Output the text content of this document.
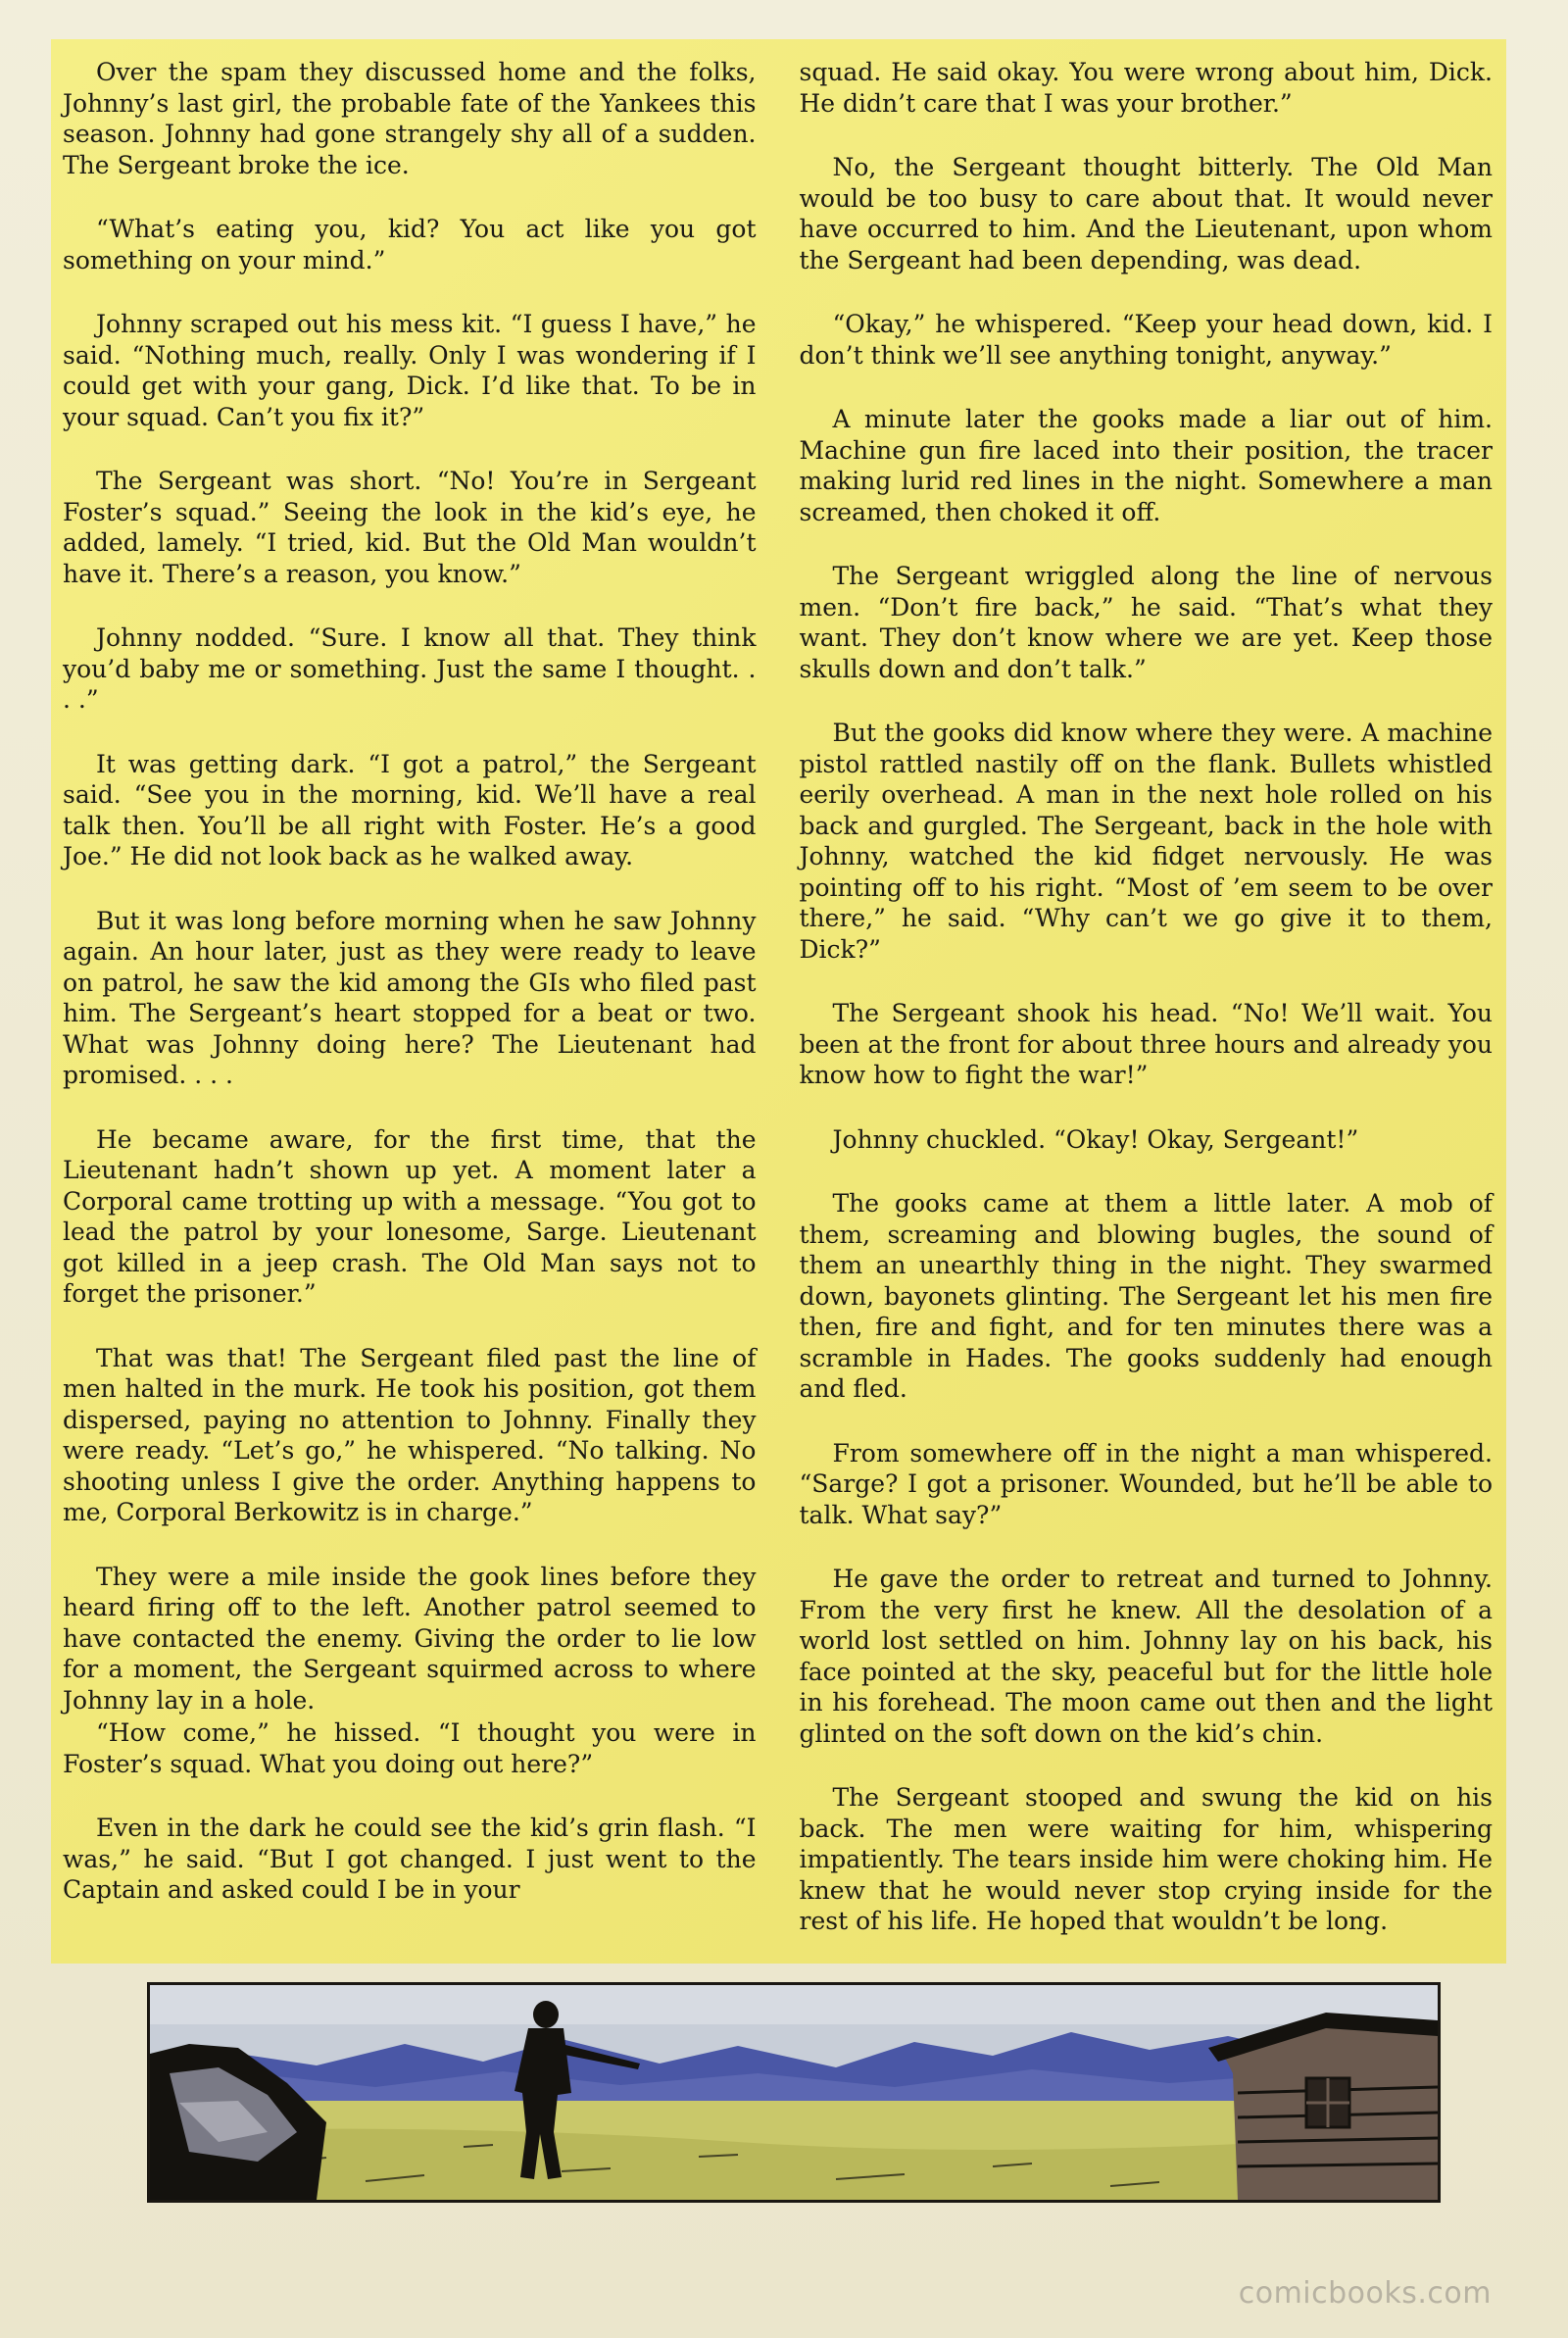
Over the spam they discussed home and the folks, Johnny’s last girl, the probable fate of the Yankees this season. Johnny had gone strangely shy all of a sudden. The Sergeant broke the ice.

“What’s eating you, kid? You act like you got something on your mind.”

Johnny scraped out his mess kit. “I guess I have,” he said. “Nothing much, really. Only I was wondering if I could get with your gang, Dick. I’d like that. To be in your squad. Can’t you fix it?”

The Sergeant was short. “No! You’re in Sergeant Foster’s squad.” Seeing the look in the kid’s eye, he added, lamely. “I tried, kid. But the Old Man wouldn’t have it. There’s a reason, you know.”

Johnny nodded. “Sure. I know all that. They think you’d baby me or something. Just the same I thought. . . .”

It was getting dark. “I got a patrol,” the Sergeant said. “See you in the morning, kid. We’ll have a real talk then. You’ll be all right with Foster. He’s a good Joe.” He did not look back as he walked away.

But it was long before morning when he saw Johnny again. An hour later, just as they were ready to leave on patrol, he saw the kid among the GIs who filed past him. The Sergeant’s heart stopped for a beat or two. What was Johnny doing here? The Lieutenant had promised. . . .

He became aware, for the first time, that the Lieutenant hadn’t shown up yet. A moment later a Corporal came trotting up with a message. “You got to lead the patrol by your lonesome, Sarge. Lieutenant got killed in a jeep crash. The Old Man says not to forget the prisoner.”

That was that! The Sergeant filed past the line of men halted in the murk. He took his position, got them dispersed, paying no attention to Johnny. Finally they were ready. “Let’s go,” he whispered. “No talking. No shooting unless I give the order. Anything happens to me, Corporal Berkowitz is in charge.”

They were a mile inside the gook lines before they heard firing off to the left. Another patrol seemed to have contacted the enemy. Giving the order to lie low for a moment, the Sergeant squirmed across to where Johnny lay in a hole.

“How come,” he hissed. “I thought you were in Foster’s squad. What you doing out here?”

Even in the dark he could see the kid’s grin flash. “I was,” he said. “But I got changed. I just went to the Captain and asked could I be in your

squad. He said okay. You were wrong about him, Dick. He didn’t care that I was your brother.”

No, the Sergeant thought bitterly. The Old Man would be too busy to care about that. It would never have occurred to him. And the Lieutenant, upon whom the Sergeant had been depending, was dead.

“Okay,” he whispered. “Keep your head down, kid. I don’t think we’ll see anything tonight, anyway.”

A minute later the gooks made a liar out of him. Machine gun fire laced into their position, the tracer making lurid red lines in the night. Somewhere a man screamed, then choked it off.

The Sergeant wriggled along the line of nervous men. “Don’t fire back,” he said. “That’s what they want. They don’t know where we are yet. Keep those skulls down and don’t talk.”

But the gooks did know where they were. A machine pistol rattled nastily off on the flank. Bullets whistled eerily overhead. A man in the next hole rolled on his back and gurgled. The Sergeant, back in the hole with Johnny, watched the kid fidget nervously. He was pointing off to his right. “Most of ’em seem to be over there,” he said. “Why can’t we go give it to them, Dick?”

The Sergeant shook his head. “No! We’ll wait. You been at the front for about three hours and already you know how to fight the war!”

Johnny chuckled. “Okay! Okay, Sergeant!”

The gooks came at them a little later. A mob of them, screaming and blowing bugles, the sound of them an unearthly thing in the night. They swarmed down, bayonets glinting. The Sergeant let his men fire then, fire and fight, and for ten minutes there was a scramble in Hades. The gooks suddenly had enough and fled.

From somewhere off in the night a man whispered. “Sarge? I got a prisoner. Wounded, but he’ll be able to talk. What say?”

He gave the order to retreat and turned to Johnny. From the very first he knew. All the desolation of a world lost settled on him. Johnny lay on his back, his face pointed at the sky, peaceful but for the little hole in his forehead. The moon came out then and the light glinted on the soft down on the kid’s chin.

The Sergeant stooped and swung the kid on his back. The men were waiting for him, whispering impatiently. The tears inside him were choking him. He knew that he would never stop crying inside for the rest of his life. He hoped that wouldn’t be long.

comicbooks.com
